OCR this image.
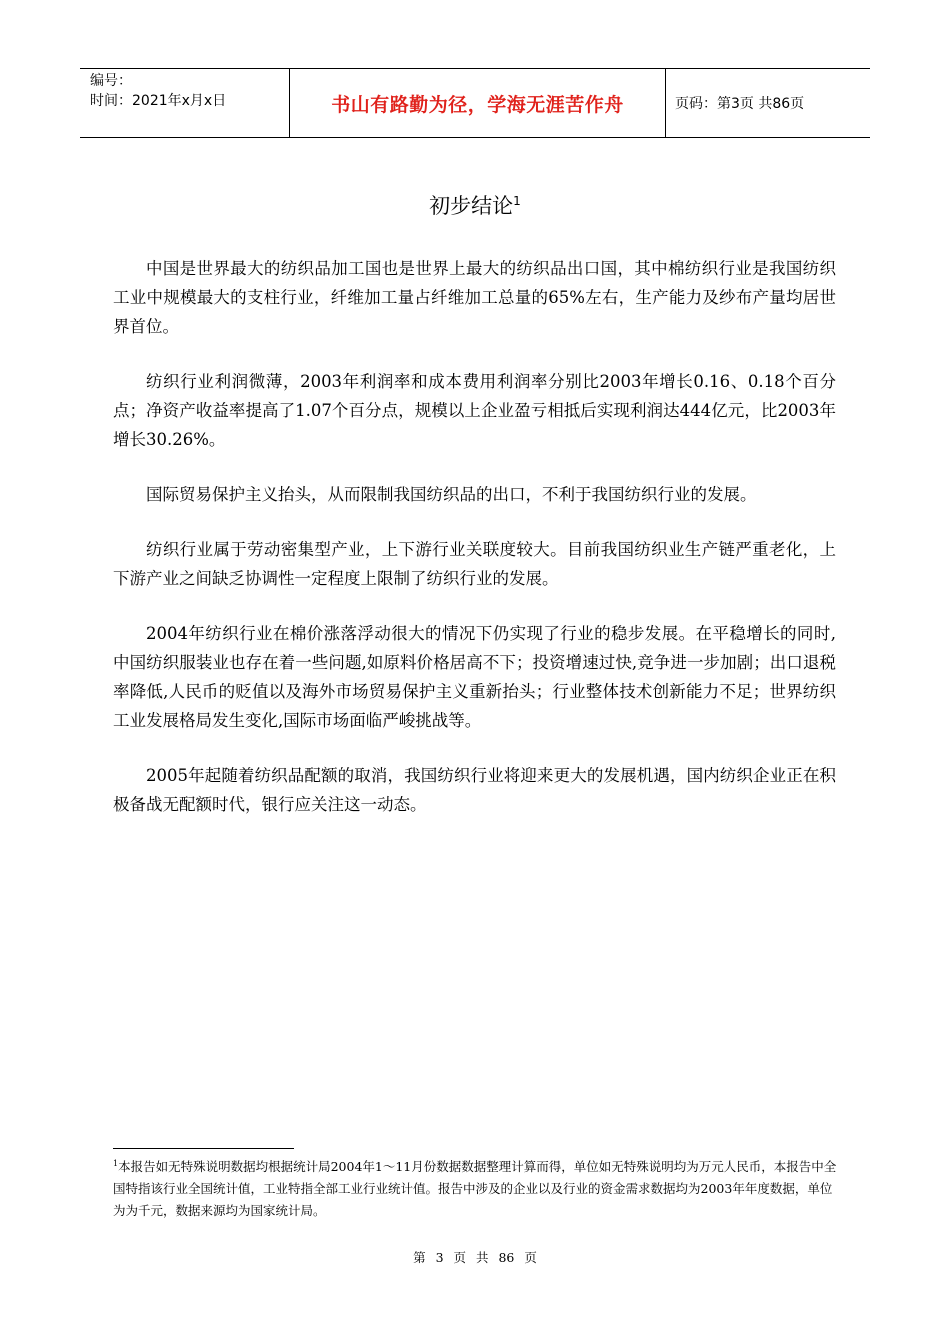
编号：
时间：2021年x月x日	书山有路勤为径，学海无涯苦作舟	页码：第3页 共86页
初步结论$^1$

中国是世界最大的纺织品加工国也是世界上最大的纺织品出口国，其中棉纺织行业是我国纺织工业中规模最大的支柱行业，纤维加工量占纤维加工总量的65%左右，生产能力及纱布产量均居世界首位。

纺织行业利润微薄，2003年利润率和成本费用利润率分别比2003年增长0.16、0.18个百分点；净资产收益率提高了1.07个百分点，规模以上企业盈亏相抵后实现利润达444亿元，比2003年增长30.26%。

国际贸易保护主义抬头，从而限制我国纺织品的出口，不利于我国纺织行业的发展。

纺织行业属于劳动密集型产业，上下游行业关联度较大。目前我国纺织业生产链严重老化，上下游产业之间缺乏协调性一定程度上限制了纺织行业的发展。

2004年纺织行业在棉价涨落浮动很大的情况下仍实现了行业的稳步发展。在平稳增长的同时,中国纺织服装业也存在着一些问题,如原料价格居高不下；投资增速过快,竞争进一步加剧；出口退税率降低,人民币的贬值以及海外市场贸易保护主义重新抬头；行业整体技术创新能力不足；世界纺织工业发展格局发生变化,国际市场面临严峻挑战等。

2005年起随着纺织品配额的取消，我国纺织行业将迎来更大的发展机遇，国内纺织企业正在积极备战无配额时代，银行应关注这一动态。

$^1$本报告如无特殊说明数据均根据统计局2004年1～11月份数据数据整理计算而得，单位如无特殊说明均为万元人民币，本报告中全国特指该行业全国统计值，工业特指全部工业行业统计值。报告中涉及的企业以及行业的资金需求数据均为2003年年度数据，单位为为千元，数据来源均为国家统计局。
第 3 页 共 86 页
